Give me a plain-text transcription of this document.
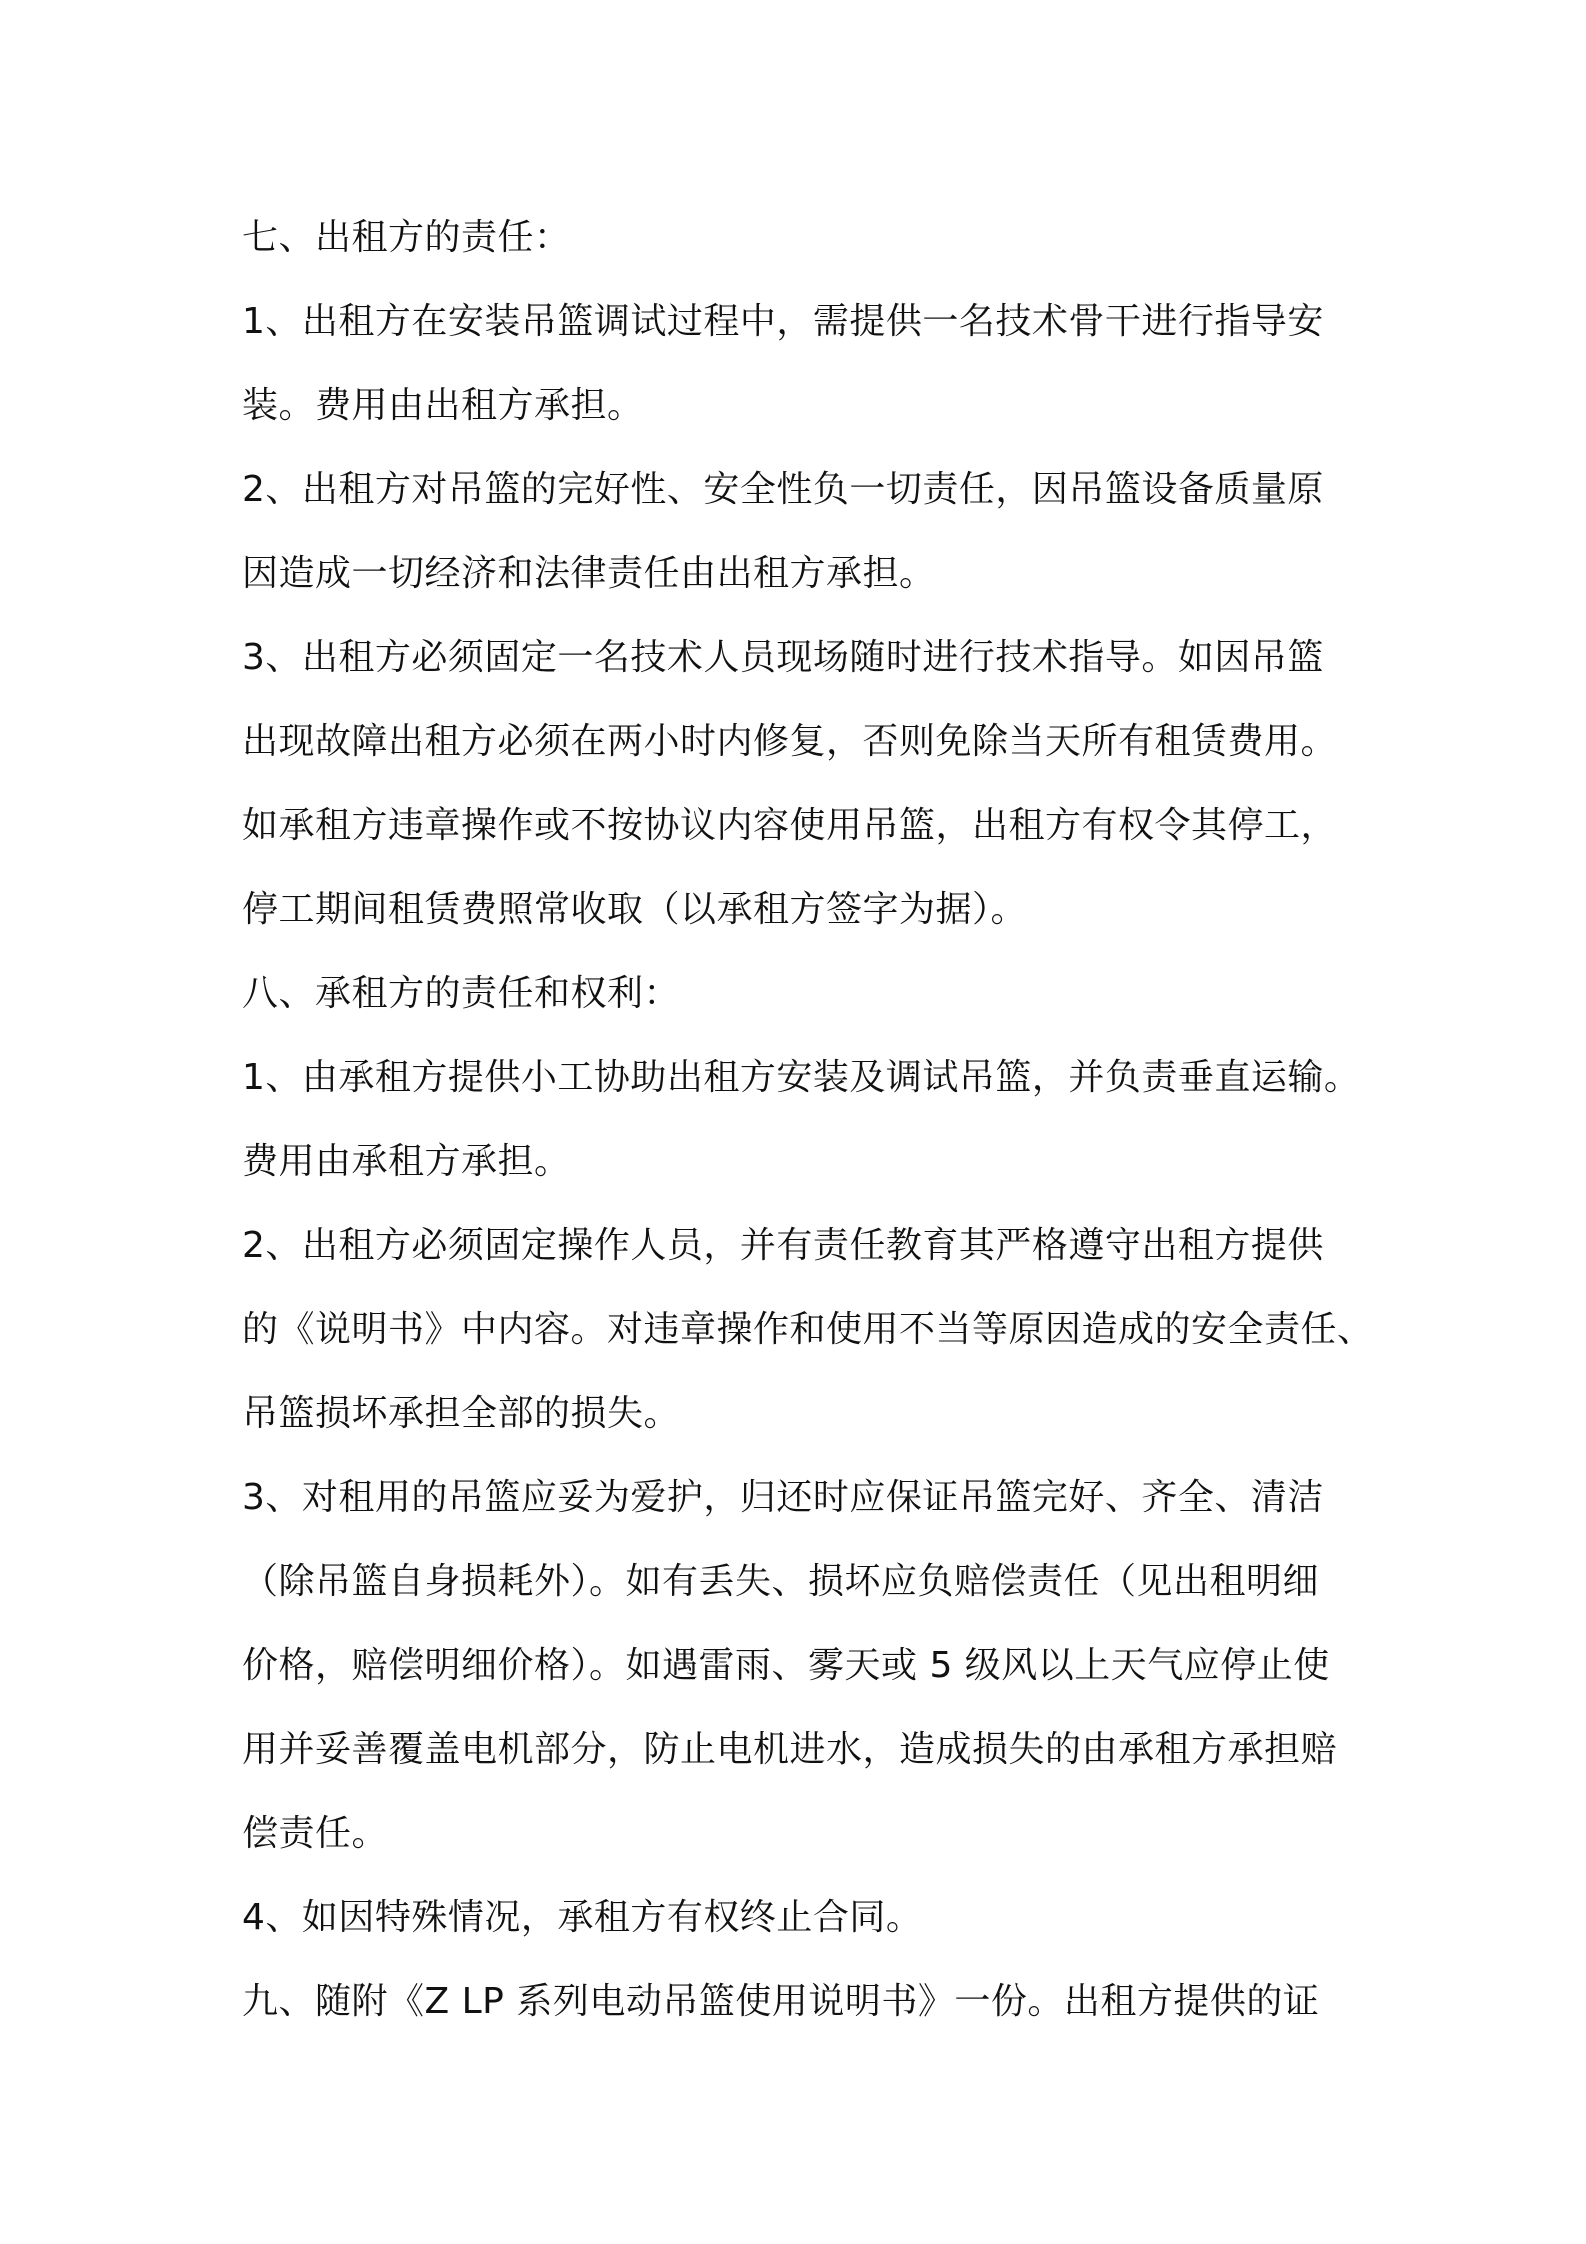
七、出租方的责任：
1、出租方在安装吊篮调试过程中，需提供一名技术骨干进行指导安
装。费用由出租方承担。
2、出租方对吊篮的完好性、安全性负一切责任，因吊篮设备质量原
因造成一切经济和法律责任由出租方承担。
3、出租方必须固定一名技术人员现场随时进行技术指导。如因吊篮
出现故障出租方必须在两小时内修复，否则免除当天所有租赁费用。
如承租方违章操作或不按协议内容使用吊篮，出租方有权令其停工，
停工期间租赁费照常收取（以承租方签字为据）。
八、承租方的责任和权利：
1、由承租方提供小工协助出租方安装及调试吊篮，并负责垂直运输。
费用由承租方承担。
2、出租方必须固定操作人员，并有责任教育其严格遵守出租方提供
的《说明书》中内容。对违章操作和使用不当等原因造成的安全责任、
吊篮损坏承担全部的损失。
3、对租用的吊篮应妥为爱护，归还时应保证吊篮完好、齐全、清洁
（除吊篮自身损耗外）。如有丢失、损坏应负赔偿责任（见出租明细
价格，赔偿明细价格）。如遇雷雨、雾天或 5 级风以上天气应停止使
用并妥善覆盖电机部分，防止电机进水，造成损失的由承租方承担赔
偿责任。
4、如因特殊情况，承租方有权终止合同。
九、随附《Z LP 系列电动吊篮使用说明书》一份。出租方提供的证
